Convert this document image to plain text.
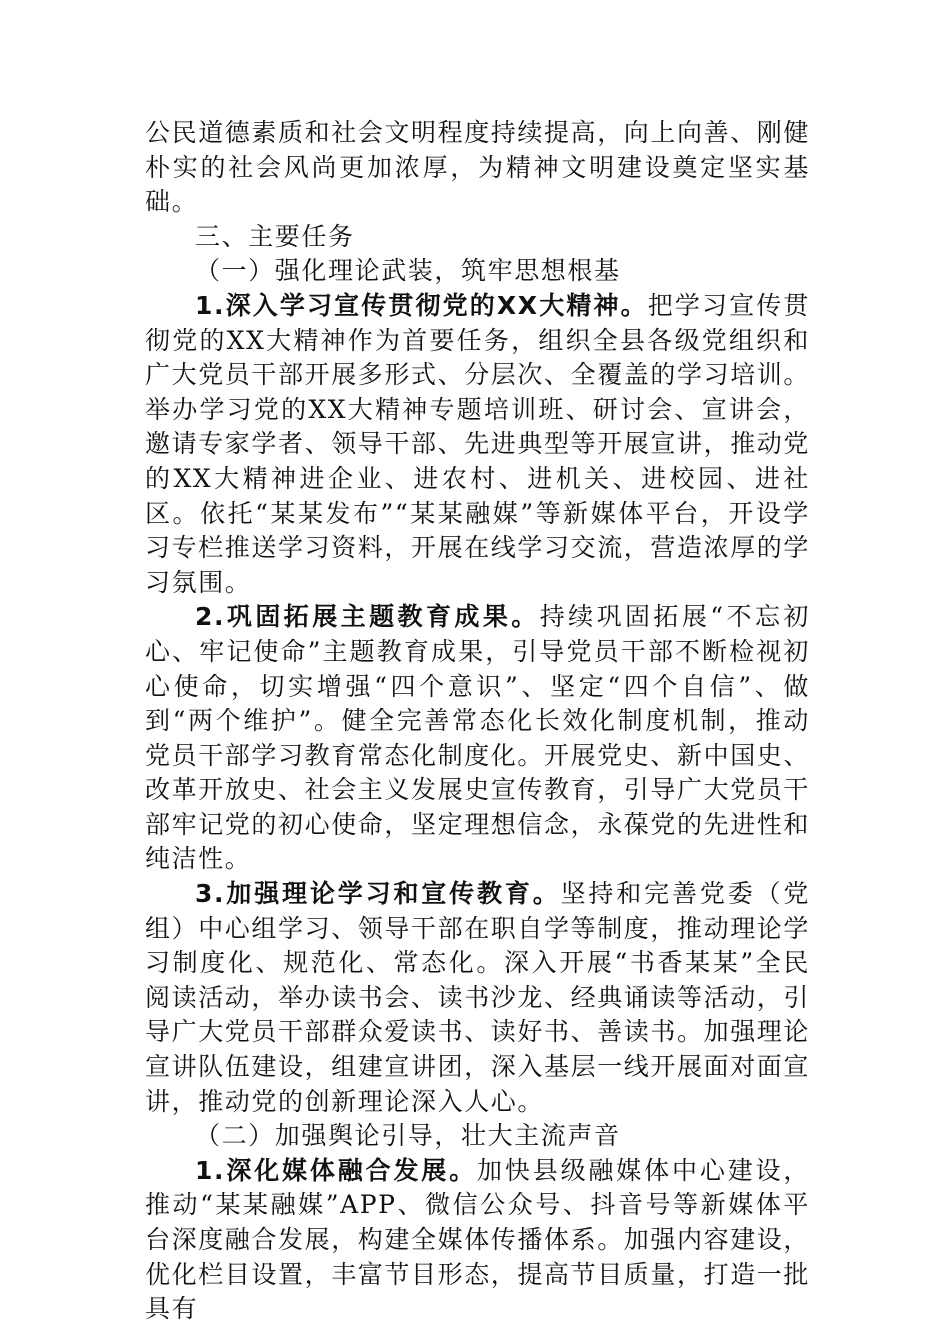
公民道德素质和社会文明程度持续提高，向上向善、刚健朴实的社会风尚更加浓厚，为精神文明建设奠定坚实基础。

三、主要任务

（一）强化理论武装，筑牢思想根基

1.深入学习宣传贯彻党的XX大精神。把学习宣传贯彻党的XX大精神作为首要任务，组织全县各级党组织和广大党员干部开展多形式、分层次、全覆盖的学习培训。举办学习党的XX大精神专题培训班、研讨会、宣讲会，邀请专家学者、领导干部、先进典型等开展宣讲，推动党的XX大精神进企业、进农村、进机关、进校园、进社区。依托“某某发布”“某某融媒”等新媒体平台，开设学习专栏推送学习资料，开展在线学习交流，营造浓厚的学习氛围。

2.巩固拓展主题教育成果。持续巩固拓展“不忘初心、牢记使命”主题教育成果，引导党员干部不断检视初心使命，切实增强“四个意识”、坚定“四个自信”、做到“两个维护”。健全完善常态化长效化制度机制，推动党员干部学习教育常态化制度化。开展党史、新中国史、改革开放史、社会主义发展史宣传教育，引导广大党员干部牢记党的初心使命，坚定理想信念，永葆党的先进性和纯洁性。

3.加强理论学习和宣传教育。坚持和完善党委（党组）中心组学习、领导干部在职自学等制度，推动理论学习制度化、规范化、常态化。深入开展“书香某某”全民阅读活动，举办读书会、读书沙龙、经典诵读等活动，引导广大党员干部群众爱读书、读好书、善读书。加强理论宣讲队伍建设，组建宣讲团，深入基层一线开展面对面宣讲，推动党的创新理论深入人心。

（二）加强舆论引导，壮大主流声音

1.深化媒体融合发展。加快县级融媒体中心建设，推动“某某融媒”APP、微信公众号、抖音号等新媒体平台深度融合发展，构建全媒体传播体系。加强内容建设，优化栏目设置，丰富节目形态，提高节目质量，打造一批具有
